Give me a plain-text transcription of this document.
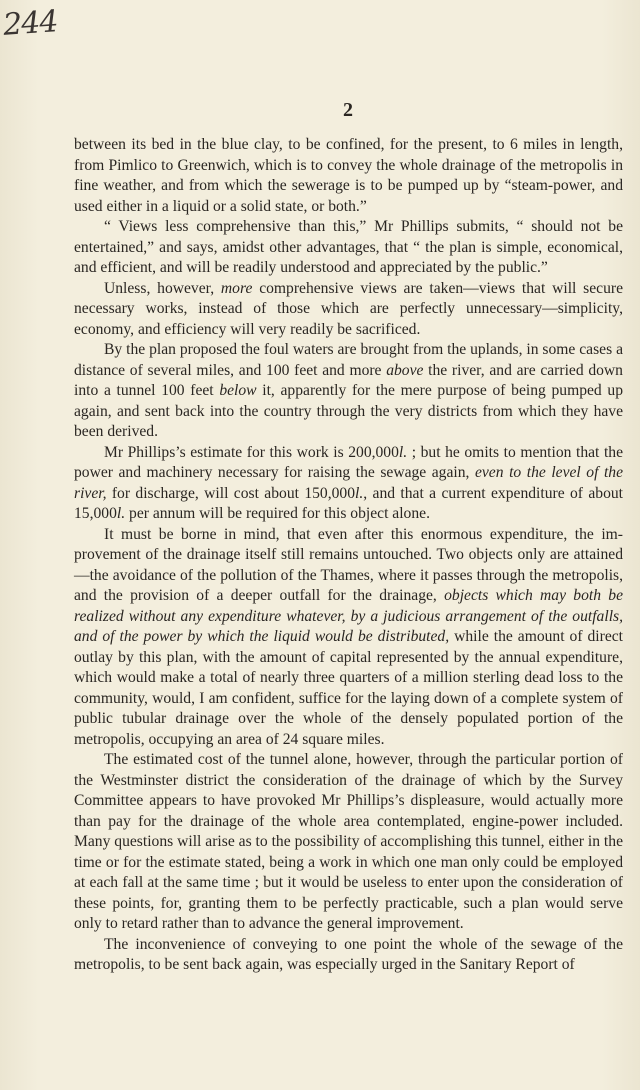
244
2

between its bed in the blue clay, to be confined, for the present, to 6 miles in length, from Pimlico to Greenwich, which is to convey the whole drainage of the metropolis in fine weather, and from which the sewerage is to be pumped up by “steam-power, and used either in a liquid or a solid state, or both.”

“ Views less comprehensive than this,” Mr Phillips submits, “ should not be entertained,” and says, amidst other advantages, that “ the plan is simple, economical, and efficient, and will be readily understood and appreciated by the public.”

Unless, however, more comprehensive views are taken—views that will secure necessary works, instead of those which are perfectly unnecessary—simplicity, economy, and efficiency will very readily be sacrificed.

By the plan proposed the foul waters are brought from the uplands, in some cases a distance of several miles, and 100 feet and more above the river, and are carried down into a tunnel 100 feet below it, apparently for the mere purpose of being pumped up again, and sent back into the country through the very districts from which they have been derived.

Mr Phillips’s estimate for this work is 200,000l. ; but he omits to mention that the power and machinery necessary for raising the sewage again, even to the level of the river, for discharge, will cost about 150,000l., and that a current expenditure of about 15,000l. per annum will be required for this object alone.

It must be borne in mind, that even after this enormous expenditure, the improvement of the drainage itself still remains untouched. Two objects only are attained—the avoidance of the pollution of the Thames, where it passes through the metropolis, and the provision of a deeper outfall for the drainage, objects which may both be realized without any expenditure whatever, by a judicious arrangement of the outfalls, and of the power by which the liquid would be distributed, while the amount of direct outlay by this plan, with the amount of capital represented by the annual expenditure, which would make a total of nearly three quarters of a million sterling dead loss to the community, would, I am confident, suffice for the laying down of a complete system of public tubular drainage over the whole of the densely populated portion of the metropolis, occupying an area of 24 square miles.

The estimated cost of the tunnel alone, however, through the particular portion of the Westminster district the consideration of the drainage of which by the Survey Committee appears to have provoked Mr Phillips’s displeasure, would actually more than pay for the drainage of the whole area contemplated, engine-power included. Many questions will arise as to the possibility of accomplishing this tunnel, either in the time or for the estimate stated, being a work in which one man only could be employed at each fall at the same time ; but it would be useless to enter upon the consideration of these points, for, granting them to be perfectly practicable, such a plan would serve only to retard rather than to advance the general improvement.

The inconvenience of conveying to one point the whole of the sewage of the metropolis, to be sent back again, was especially urged in the Sanitary Report of
